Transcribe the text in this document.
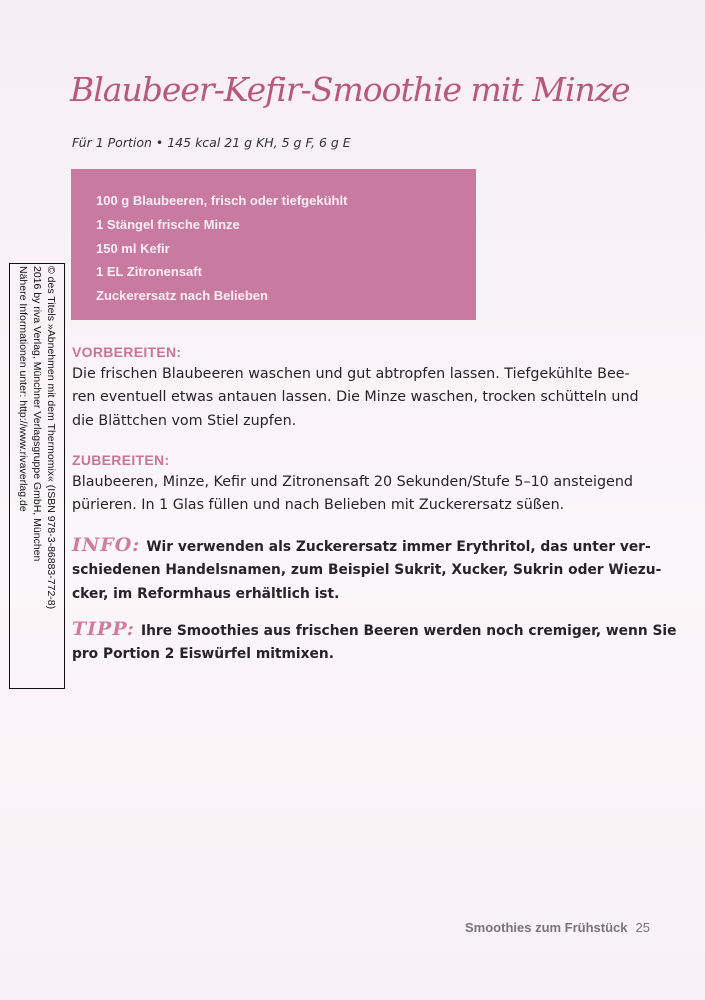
Blaubeer-Kefir-Smoothie mit Minze
Für 1 Portion • 145 kcal 21 g KH, 5 g F, 6 g E
100 g Blaubeeren, frisch oder tiefgekühlt
1 Stängel frische Minze
150 ml Kefir
1 EL Zitronensaft
Zuckerersatz nach Belieben
VORBEREITEN:
Die frischen Blaubeeren waschen und gut abtropfen lassen. Tiefgekühlte Bee-
ren eventuell etwas antauen lassen. Die Minze waschen, trocken schütteln und
die Blättchen vom Stiel zupfen.
ZUBEREITEN:
Blaubeeren, Minze, Kefir und Zitronensaft 20 Sekunden/Stufe 5–10 ansteigend
pürieren. In 1 Glas füllen und nach Belieben mit Zuckerersatz süßen.
INFO: Wir verwenden als Zuckerersatz immer Erythritol, das unter ver-
schiedenen Handelsnamen, zum Beispiel Sukrit, Xucker, Sukrin oder Wiezu-
cker, im Reformhaus erhältlich ist.
TIPP: Ihre Smoothies aus frischen Beeren werden noch cremiger, wenn Sie
pro Portion 2 Eiswürfel mitmixen.
© des Titels »Abnehmen mit dem Thermomix« (ISBN 978-3-86883-772-8)
2016 by riva Verlag, Münchner Verlagsgruppe GmbH, München
Nähere Informationen unter: http://www.rivaverlag.de
Smoothies zum Frühstück 25
